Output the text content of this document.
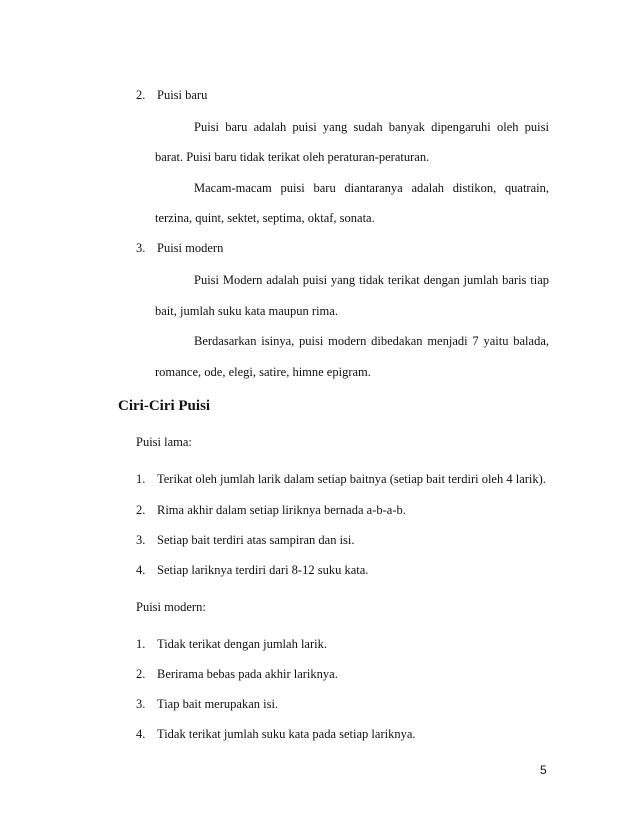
2. Puisi baru
Puisi baru adalah puisi yang sudah banyak dipengaruhi oleh puisi
barat. Puisi baru tidak terikat oleh peraturan-peraturan.
Macam-macam puisi baru diantaranya adalah distikon, quatrain,
terzina, quint, sektet, septima, oktaf, sonata.
3. Puisi modern
Puisi Modern adalah puisi yang tidak terikat dengan jumlah baris tiap
bait, jumlah suku kata maupun rima.
Berdasarkan isinya, puisi modern dibedakan menjadi 7 yaitu balada,
romance, ode, elegi, satire, himne epigram.
Ciri-Ciri Puisi
Puisi lama:
1. Terikat oleh jumlah larik dalam setiap baitnya (setiap bait terdiri oleh 4 larik).
2. Rima akhir dalam setiap liriknya bernada a-b-a-b.
3. Setiap bait terdiri atas sampiran dan isi.
4. Setiap lariknya terdiri dari 8-12 suku kata.
Puisi modern:
1. Tidak terikat dengan jumlah larik.
2. Berirama bebas pada akhir lariknya.
3. Tiap bait merupakan isi.
4. Tidak terikat jumlah suku kata pada setiap lariknya.
5
